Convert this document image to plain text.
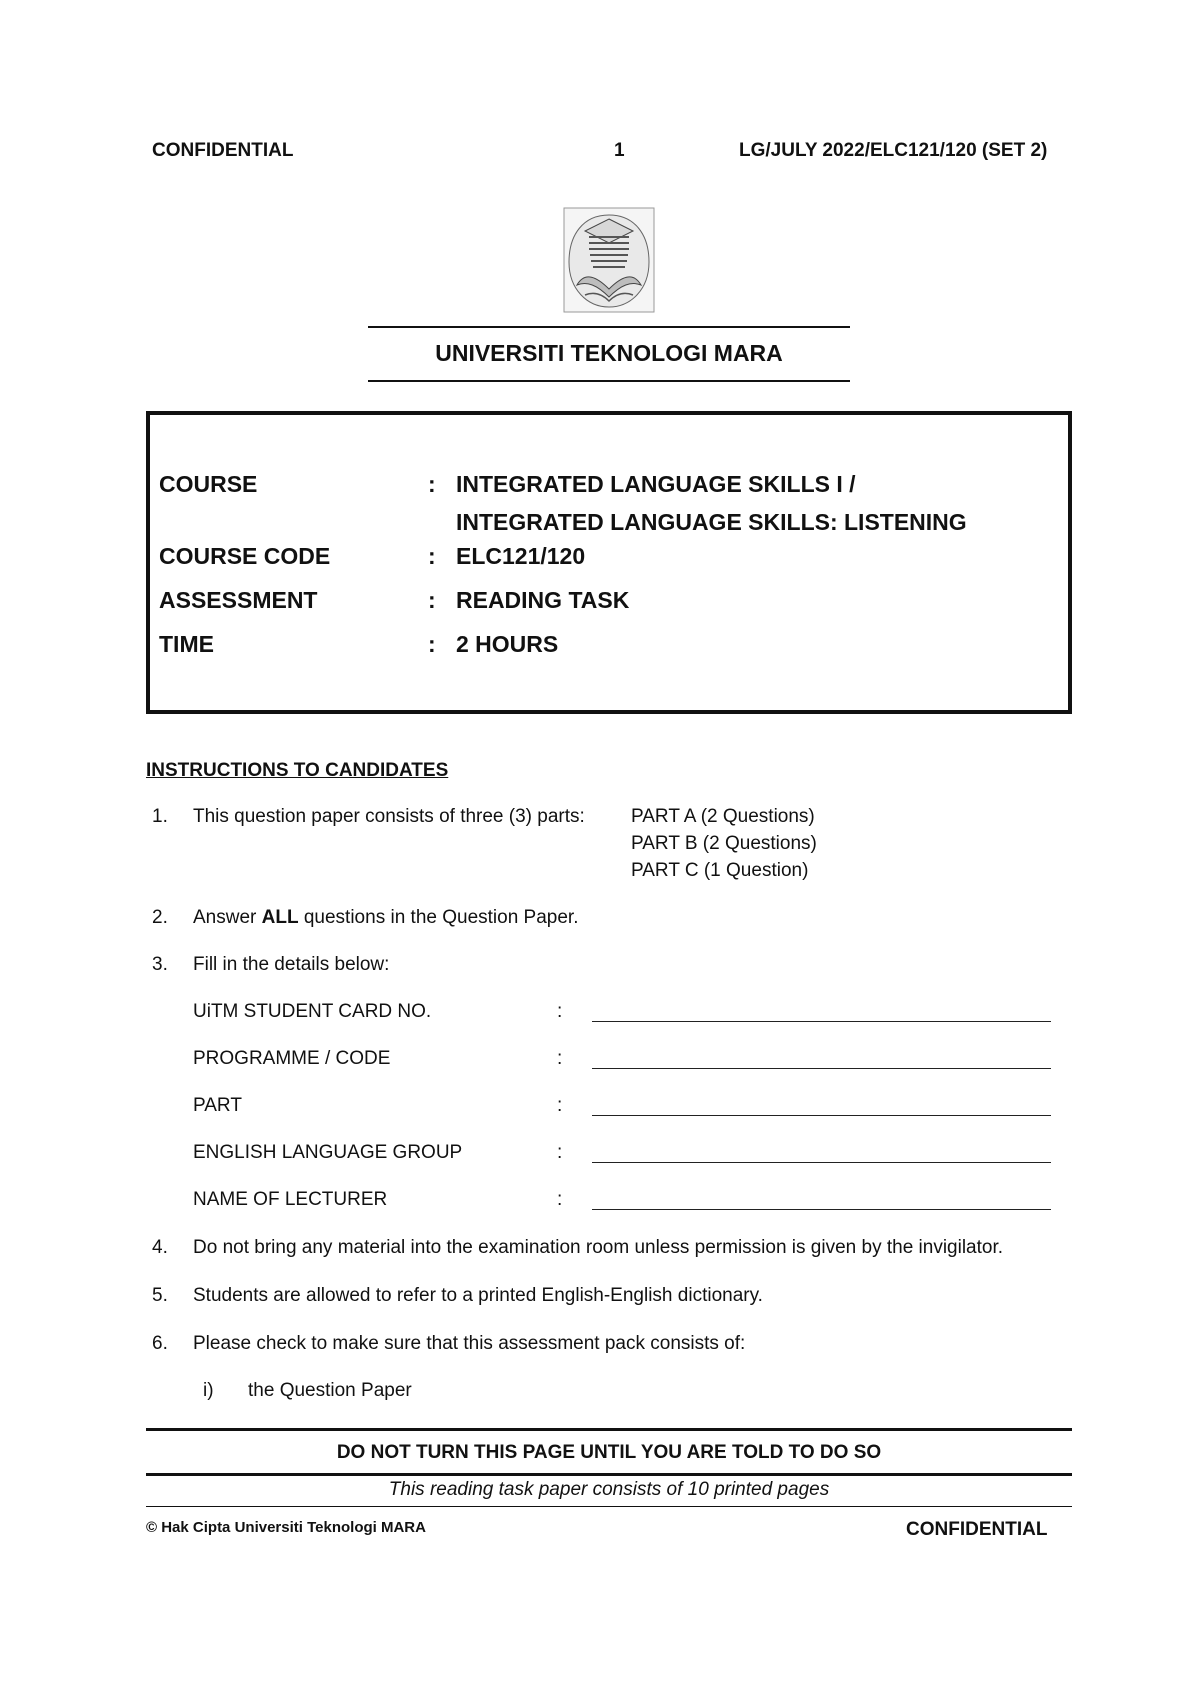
CONFIDENTIAL	1	LG/JULY 2022/ELC121/120 (SET 2)
UNIVERSITI TEKNOLOGI MARA
COURSE	: INTEGRATED LANGUAGE SKILLS I /
INTEGRATED LANGUAGE SKILLS: LISTENING
COURSE CODE	: ELC121/120
ASSESSMENT	: READING TASK
TIME	: 2 HOURS
INSTRUCTIONS TO CANDIDATES
1. This question paper consists of three (3) parts: PART A (2 Questions)
PART B (2 Questions)
PART C (1 Question)
2. Answer ALL questions in the Question Paper.
3. Fill in the details below:
UiTM STUDENT CARD NO.	:
PROGRAMME / CODE	:
PART	:
ENGLISH LANGUAGE GROUP	:
NAME OF LECTURER	:
4. Do not bring any material into the examination room unless permission is given by the invigilator.
5. Students are allowed to refer to a printed English-English dictionary.
6. Please check to make sure that this assessment pack consists of:
i) the Question Paper
DO NOT TURN THIS PAGE UNTIL YOU ARE TOLD TO DO SO
This reading task paper consists of 10 printed pages
© Hak Cipta Universiti Teknologi MARA	CONFIDENTIAL
